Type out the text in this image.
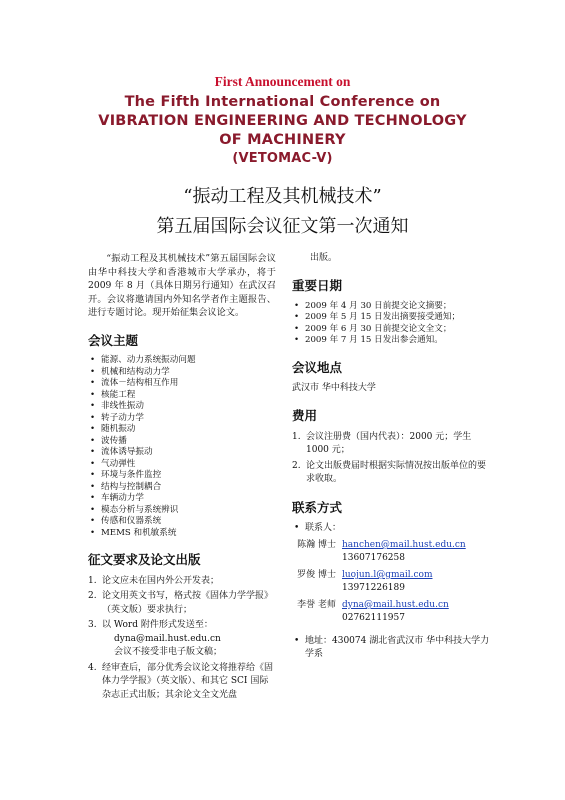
First Announcement on
The Fifth International Conference on
VIBRATION ENGINEERING AND TECHNOLOGY
OF MACHINERY
(VETOMAC-V)
“振动工程及其机械技术”
第五届国际会议征文第一次通知

“振动工程及其机械技术”第五届国际会议由华中科技大学和香港城市大学承办，将于 2009 年 8 月（具体日期另行通知）在武汉召开。会议将邀请国内外知名学者作主题报告、进行专题讨论。现开始征集会议论文。

会议主题
• 能源、动力系统振动问题
• 机械和结构动力学
• 流体－结构相互作用
• 核能工程
• 非线性振动
• 转子动力学
• 随机振动
• 波传播
• 流体诱导振动
• 气动弹性
• 环境与条件监控
• 结构与控制耦合
• 车辆动力学
• 模态分析与系统辨识
• 传感和仪器系统
• MEMS 和机敏系统
征文要求及论文出版
1. 论文应未在国内外公开发表；
2. 论文用英文书写，格式按《固体力学学报》（英文版）要求执行；
3. 以 Word 附件形式发送至：
dyna@mail.hust.edu.cn
会议不接受非电子版文稿；
4. 经审查后，部分优秀会议论文将推荐给《固体力学学报》（英文版）、和其它 SCI 国际杂志正式出版；其余论文全文光盘
出版。
重要日期
• 2009 年 4 月 30 日前提交论文摘要；
• 2009 年 5 月 15 日发出摘要接受通知；
• 2009 年 6 月 30 日前提交论文全文；
• 2009 年 7 月 15 日发出参会通知。
会议地点
武汉市 华中科技大学
费用
1. 会议注册费（国内代表）：2000 元；学生 1000 元；
2. 论文出版费届时根据实际情况按出版单位的要求收取。
联系方式
• 联系人：
陈瀚 博士 hanchen@mail.hust.edu.cn
13607176258
罗俊 博士 luojun.l@gmail.com
13971226189
李誉 老师 dyna@mail.hust.edu.cn
02762111957
• 地址：430074 湖北省武汉市 华中科技大学力学系
